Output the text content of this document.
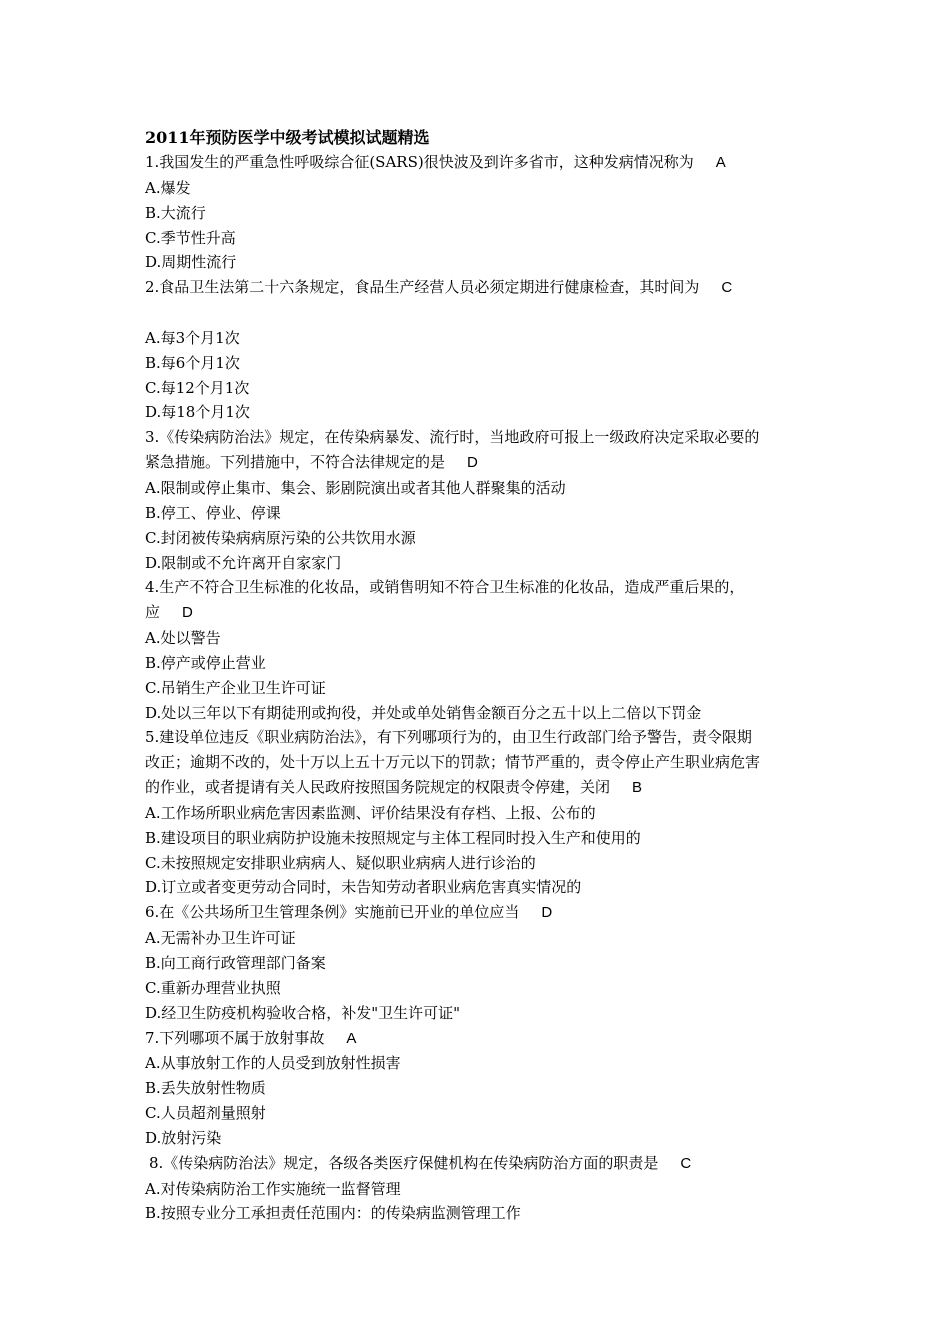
2011年预防医学中级考试模拟试题精选
1.我国发生的严重急性呼吸综合征(SARS)很快波及到许多省市，这种发病情况称为 A
A.爆发
B.大流行
C.季节性升高
D.周期性流行
2.食品卫生法第二十六条规定，食品生产经营人员必须定期进行健康检查，其时间为 C
A.每3个月1次
B.每6个月1次
C.每12个月1次
D.每18个月1次
3.《传染病防治法》规定，在传染病暴发、流行时，当地政府可报上一级政府决定采取必要的
紧急措施。下列措施中，不符合法律规定的是 D
A.限制或停止集市、集会、影剧院演出或者其他人群聚集的活动
B.停工、停业、停课
C.封闭被传染病病原污染的公共饮用水源
D.限制或不允许离开自家家门
4.生产不符合卫生标准的化妆品，或销售明知不符合卫生标准的化妆品，造成严重后果的，
应 D
A.处以警告
B.停产或停止营业
C.吊销生产企业卫生许可证
D.处以三年以下有期徒刑或拘役，并处或单处销售金额百分之五十以上二倍以下罚金
5.建设单位违反《职业病防治法》，有下列哪项行为的，由卫生行政部门给予警告，责令限期
改正；逾期不改的，处十万以上五十万元以下的罚款；情节严重的，责令停止产生职业病危害
的作业，或者提请有关人民政府按照国务院规定的权限责令停建，关闭 B
A.工作场所职业病危害因素监测、评价结果没有存档、上报、公布的
B.建设项目的职业病防护设施未按照规定与主体工程同时投入生产和使用的
C.未按照规定安排职业病病人、疑似职业病病人进行诊治的
D.订立或者变更劳动合同时，未告知劳动者职业病危害真实情况的
6.在《公共场所卫生管理条例》实施前已开业的单位应当 D
A.无需补办卫生许可证
B.向工商行政管理部门备案
C.重新办理营业执照
D.经卫生防疫机构验收合格，补发"卫生许可证"
7.下列哪项不属于放射事故 A
A.从事放射工作的人员受到放射性损害
B.丢失放射性物质
C.人员超剂量照射
D.放射污染
8.《传染病防治法》规定，各级各类医疗保健机构在传染病防治方面的职责是 C
A.对传染病防治工作实施统一监督管理
B.按照专业分工承担责任范围内：的传染病监测管理工作
